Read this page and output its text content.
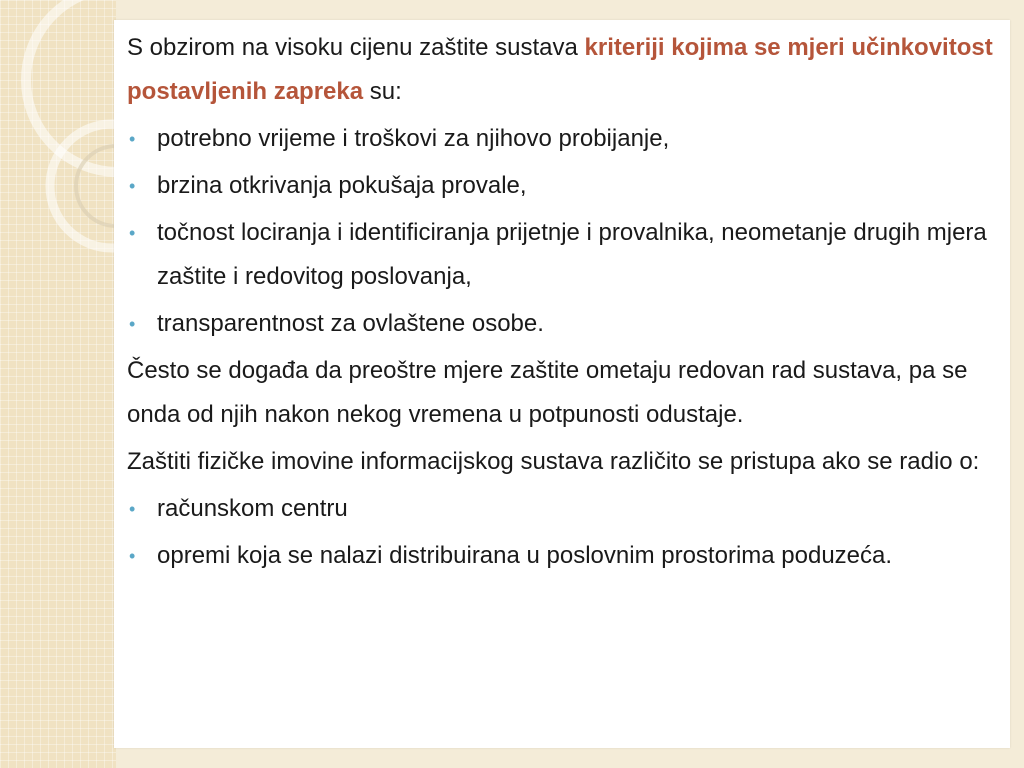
S obzirom na visoku cijenu zaštite sustava kriteriji kojima se mjeri učinkovitost postavljenih zapreka su:

• potrebno vrijeme i troškovi za njihovo probijanje,
• brzina otkrivanja pokušaja provale,
• točnost lociranja i identificiranja prijetnje i provalnika, neometanje drugih mjera zaštite i redovitog poslovanja,
• transparentnost za ovlaštene osobe.

Često se događa da preoštre mjere zaštite ometaju redovan rad sustava, pa se onda od njih nakon nekog vremena u potpunosti odustaje.

Zaštiti fizičke imovine informacijskog sustava različito se pristupa ako se radio o:

• računskom centru
• opremi koja se nalazi distribuirana u poslovnim prostorima poduzeća.
